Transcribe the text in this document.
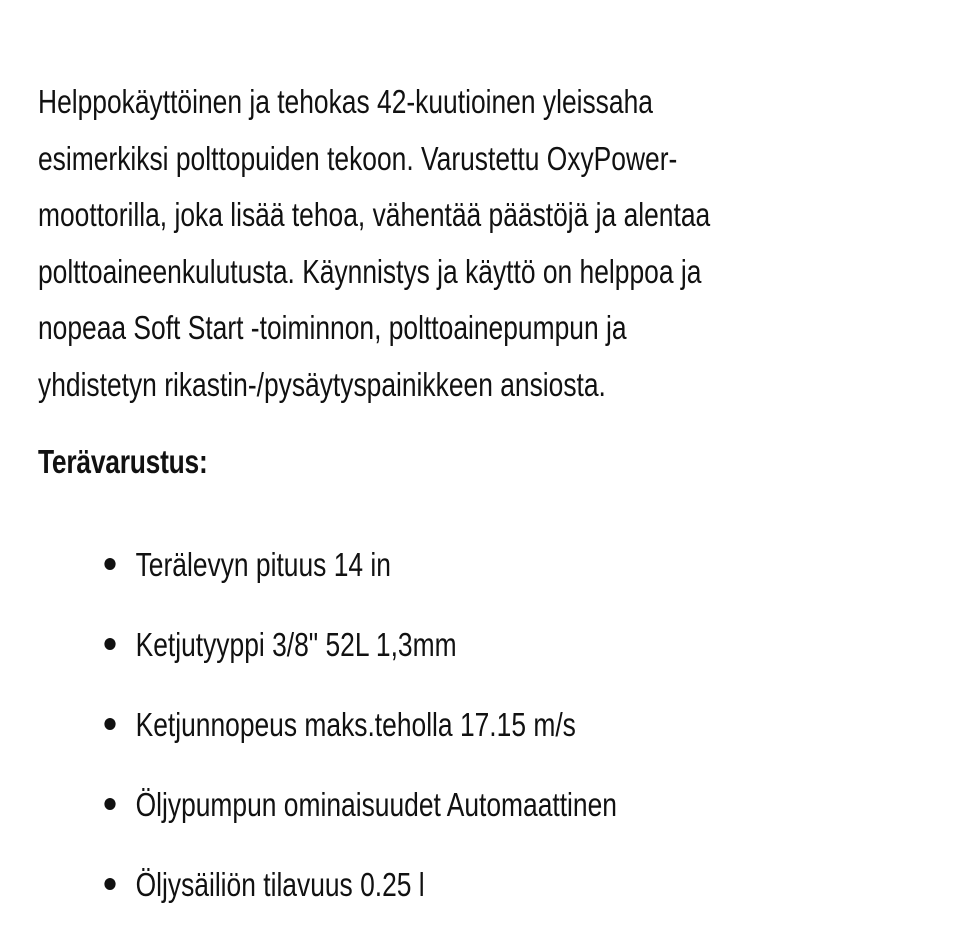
Helppokäyttöinen ja tehokas 42-kuutioinen yleissaha
esimerkiksi polttopuiden tekoon. Varustettu OxyPower-
moottorilla, joka lisää tehoa, vähentää päästöjä ja alentaa
polttoaineenkulutusta. Käynnistys ja käyttö on helppoa ja
nopeaa Soft Start -toiminnon, polttoainepumpun ja
yhdistetyn rikastin-/pysäytyspainikkeen ansiosta.

Terävarustus:
Terälevyn pituus 14 in
Ketjutyyppi 3/8" 52L 1,3mm
Ketjunnopeus maks.teholla 17.15 m/s
Öljypumpun ominaisuudet Automaattinen
Öljysäiliön tilavuus 0.25 l
